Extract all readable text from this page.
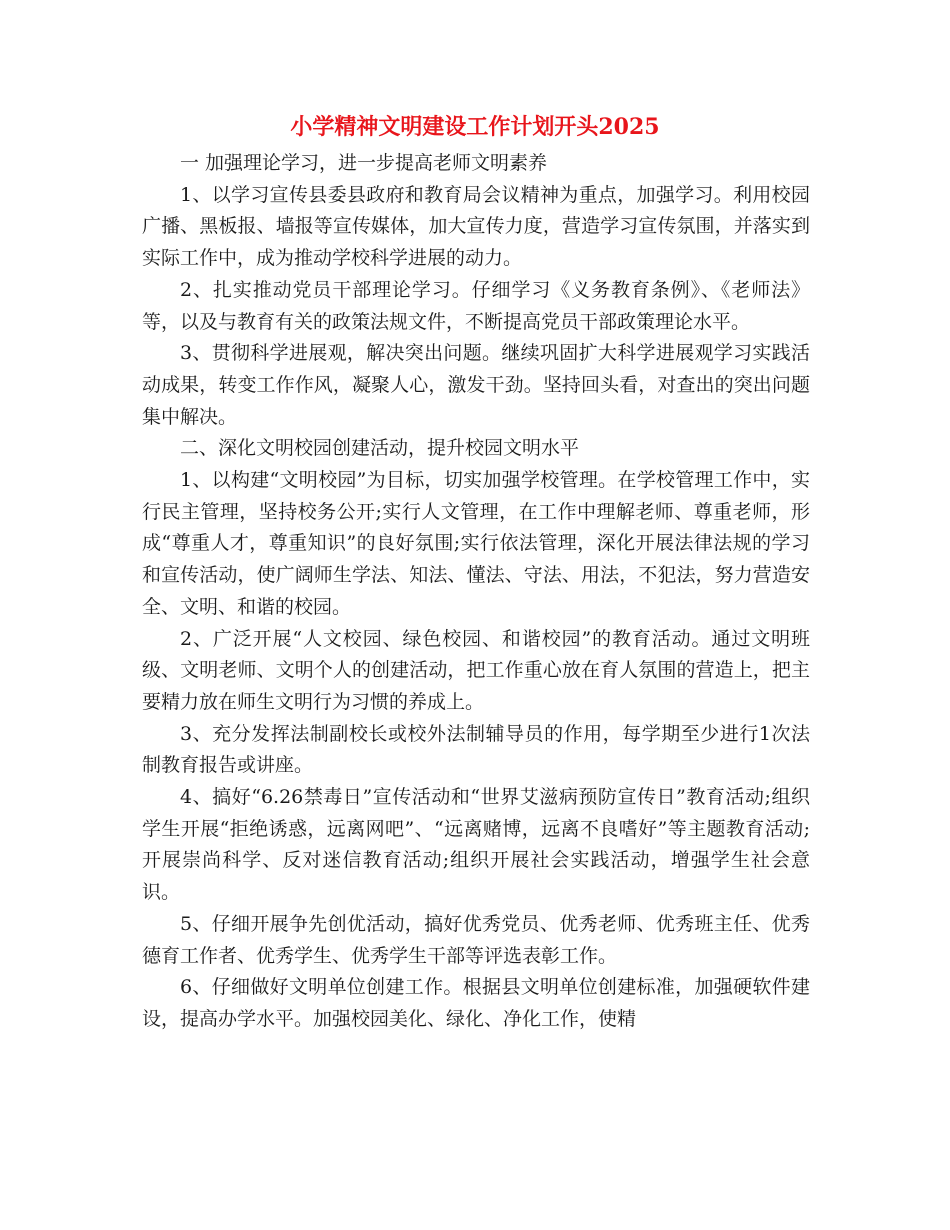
小学精神文明建设工作计划开头2025

一 加强理论学习，进一步提高老师文明素养

1、以学习宣传县委县政府和教育局会议精神为重点，加强学习。利用校园广播、黑板报、墙报等宣传媒体，加大宣传力度，营造学习宣传氛围，并落实到实际工作中，成为推动学校科学进展的动力。

2、扎实推动党员干部理论学习。仔细学习《义务教育条例》、《老师法》等，以及与教育有关的政策法规文件，不断提高党员干部政策理论水平。

3、贯彻科学进展观，解决突出问题。继续巩固扩大科学进展观学习实践活动成果，转变工作作风，凝聚人心，激发干劲。坚持回头看，对查出的突出问题集中解决。

二、深化文明校园创建活动，提升校园文明水平

1、以构建“文明校园”为目标，切实加强学校管理。在学校管理工作中，实行民主管理，坚持校务公开;实行人文管理，在工作中理解老师、尊重老师，形成“尊重人才，尊重知识”的良好氛围;实行依法管理，深化开展法律法规的学习和宣传活动，使广阔师生学法、知法、懂法、守法、用法，不犯法，努力营造安全、文明、和谐的校园。

2、广泛开展“人文校园、绿色校园、和谐校园”的教育活动。通过文明班级、文明老师、文明个人的创建活动，把工作重心放在育人氛围的营造上，把主要精力放在师生文明行为习惯的养成上。

3、充分发挥法制副校长或校外法制辅导员的作用，每学期至少进行1次法制教育报告或讲座。

4、搞好“6.26禁毒日”宣传活动和“世界艾滋病预防宣传日”教育活动;组织学生开展“拒绝诱惑，远离网吧”、“远离赌博，远离不良嗜好”等主题教育活动;开展崇尚科学、反对迷信教育活动;组织开展社会实践活动，增强学生社会意识。

5、仔细开展争先创优活动，搞好优秀党员、优秀老师、优秀班主任、优秀德育工作者、优秀学生、优秀学生干部等评选表彰工作。

6、仔细做好文明单位创建工作。根据县文明单位创建标准，加强硬软件建设，提高办学水平。加强校园美化、绿化、净化工作，使精
